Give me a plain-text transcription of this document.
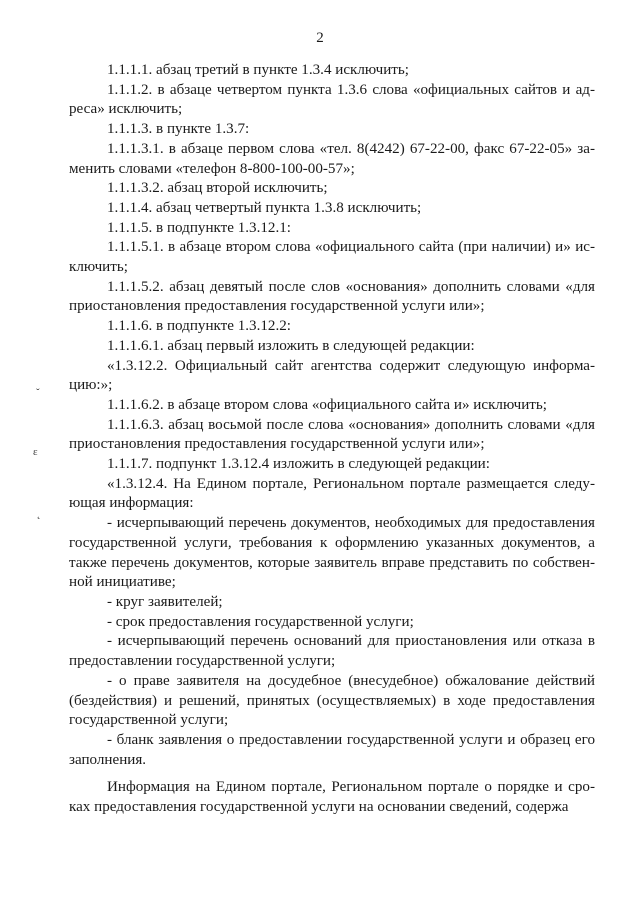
2
ˇ
ɛ
˛

1.1.1.1. абзац третий в пункте 1.3.4 исключить;

1.1.1.2. в абзаце четвертом пункта 1.3.6 слова «официальных сайтов и адреса» исключить;

1.1.1.3. в пункте 1.3.7:

1.1.1.3.1. в абзаце первом слова «тел. 8(4242) 67-22-00, факс 67-22-05» заменить словами «телефон 8-800-100-00-57»;

1.1.1.3.2. абзац второй исключить;

1.1.1.4. абзац четвертый пункта 1.3.8 исключить;

1.1.1.5. в подпункте 1.3.12.1:

1.1.1.5.1. в абзаце втором слова «официального сайта (при наличии) и» исключить;

1.1.1.5.2. абзац девятый после слов «основания» дополнить словами «для приостановления предоставления государственной услуги или»;

1.1.1.6. в подпункте 1.3.12.2:

1.1.1.6.1. абзац первый изложить в следующей редакции:

«1.3.12.2. Официальный сайт агентства содержит следующую информацию:»;

1.1.1.6.2. в абзаце втором слова «официального сайта и» исключить;

1.1.1.6.3. абзац восьмой после слова «основания» дополнить словами «для приостановления предоставления государственной услуги или»;

1.1.1.7. подпункт 1.3.12.4 изложить в следующей редакции:

«1.3.12.4. На Едином портале, Региональном портале размещается следующая информация:

- исчерпывающий перечень документов, необходимых для предоставления государственной услуги, требования к оформлению указанных документов, а также перечень документов, которые заявитель вправе представить по собственной инициативе;

- круг заявителей;

- срок предоставления государственной услуги;

- исчерпывающий перечень оснований для приостановления или отказа в предоставлении государственной услуги;

- о праве заявителя на досудебное (внесудебное) обжалование действий (бездействия) и решений, принятых (осуществляемых) в ходе предоставления государственной услуги;

- бланк заявления о предоставлении государственной услуги и образец его заполнения.

Информация на Едином портале, Региональном портале о порядке и сроках предоставления государственной услуги на основании сведений, содержа
